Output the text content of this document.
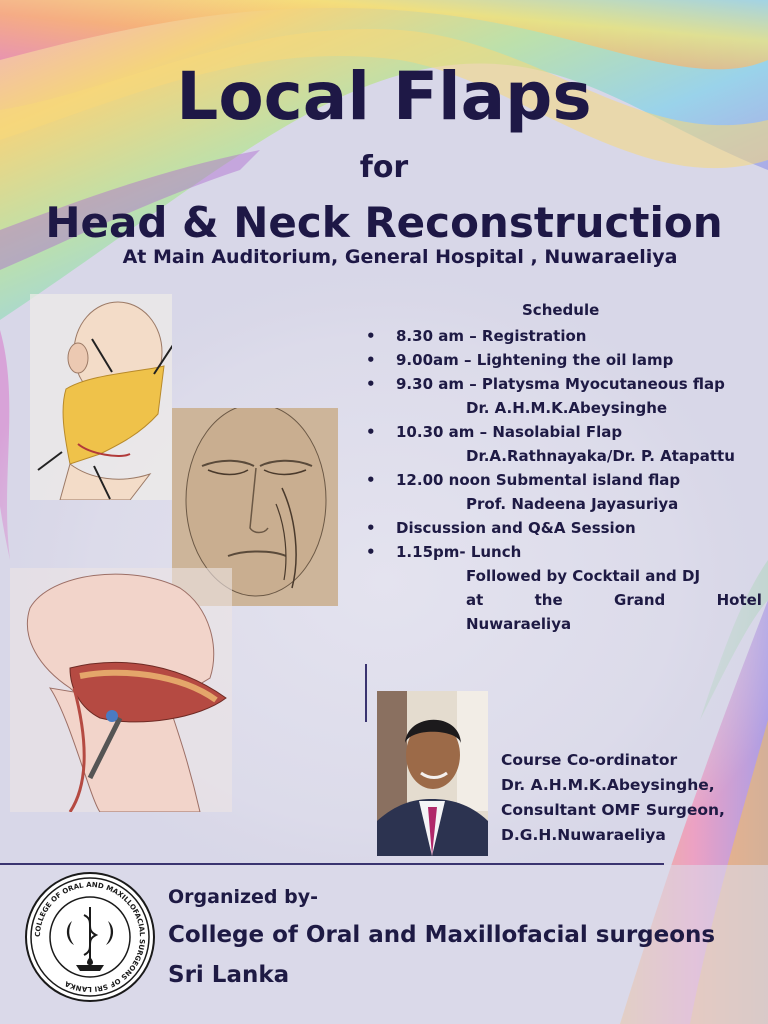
Local Flaps
for
Head & Neck Reconstruction
At Main Auditorium, General Hospital , Nuwaraeliya
Schedule
• 8.30 am – Registration
• 9.00am – Lightening the oil lamp
• 9.30 am – Platysma Myocutaneous flap
Dr. A.H.M.K.Abeysinghe
• 10.30 am – Nasolabial Flap
Dr.A.Rathnayaka/Dr. P. Atapattu
• 12.00 noon Submental island flap
Prof. Nadeena Jayasuriya
• Discussion and Q&A Session
• 1.15pm- Lunch
Followed by Cocktail and DJ
at	the	Grand	Hotel
Nuwaraeliya
Course Co-ordinator
Dr. A.H.M.K.Abeysinghe,
Consultant OMF Surgeon,
D.G.H.Nuwaraeliya
COLLEGE OF ORAL AND MAXILLOFACIAL SURGEONS OF SRI LANKA
Organized by-
College of Oral and Maxillofacial surgeons
Sri Lanka
